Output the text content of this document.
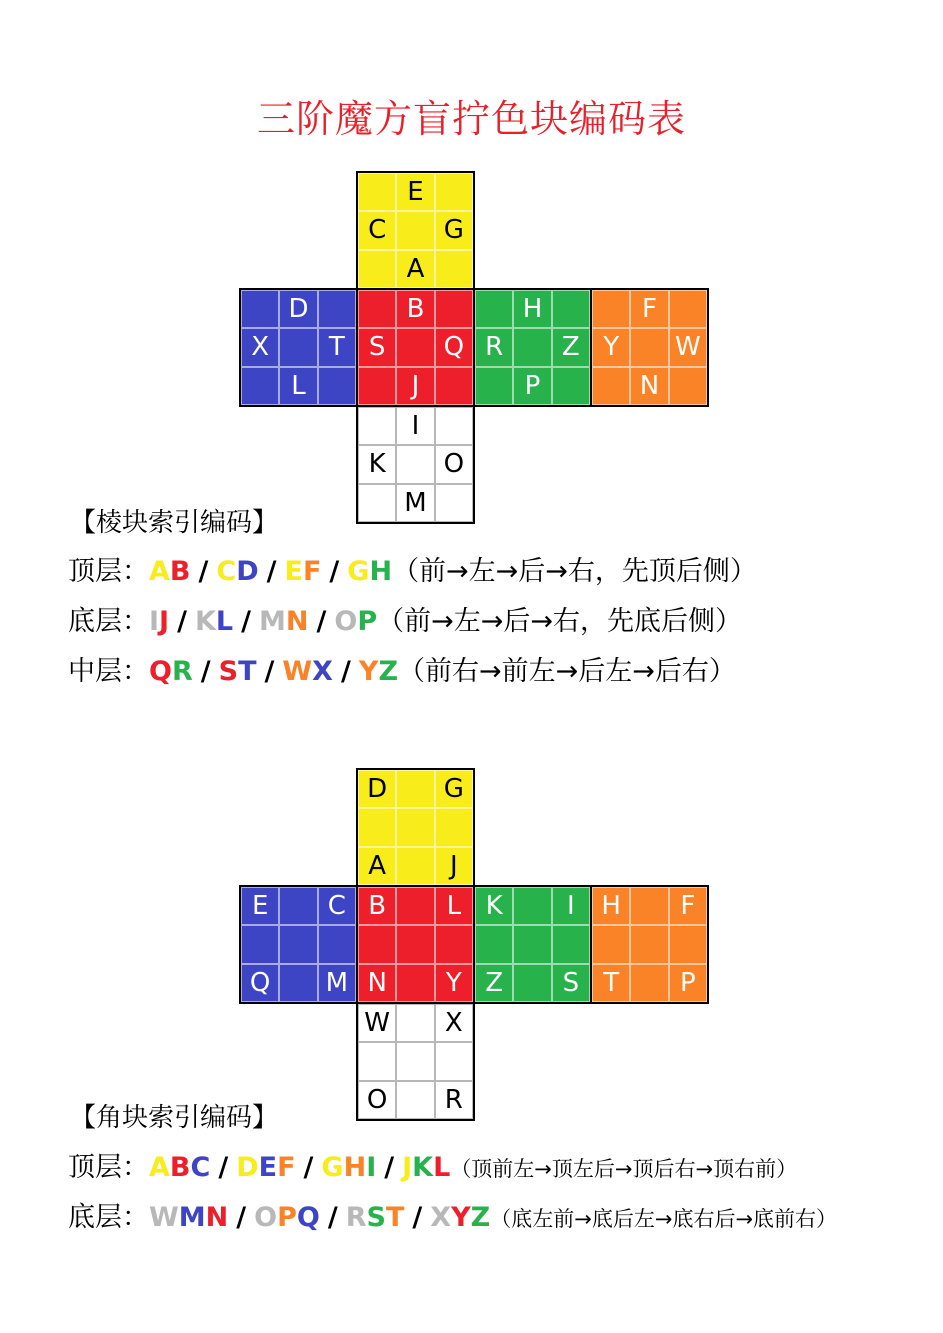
三阶魔方盲拧色块编码表
E
C	G
A
D
X	T
L
B
S	Q
J
H
R	Z
P
F
Y	W
N
I
K	O
M
【棱块索引编码】
顶层：AB / CD / EF / GH（前→左→后→右，先顶后侧）
底层：IJ / KL / MN / OP（前→左→后→右，先底后侧）
中层：QR / ST / WX / YZ（前右→前左→后左→后右）
D	G
A	J
E	C
Q	M
B	L
N	Y
K	I
Z	S
H	F
T	P
W	X
O	R
【角块索引编码】
顶层：ABC / DEF / GHI / JKL（顶前左→顶左后→顶后右→顶右前）
底层：WMN / OPQ / RST / XYZ（底左前→底后左→底右后→底前右）
